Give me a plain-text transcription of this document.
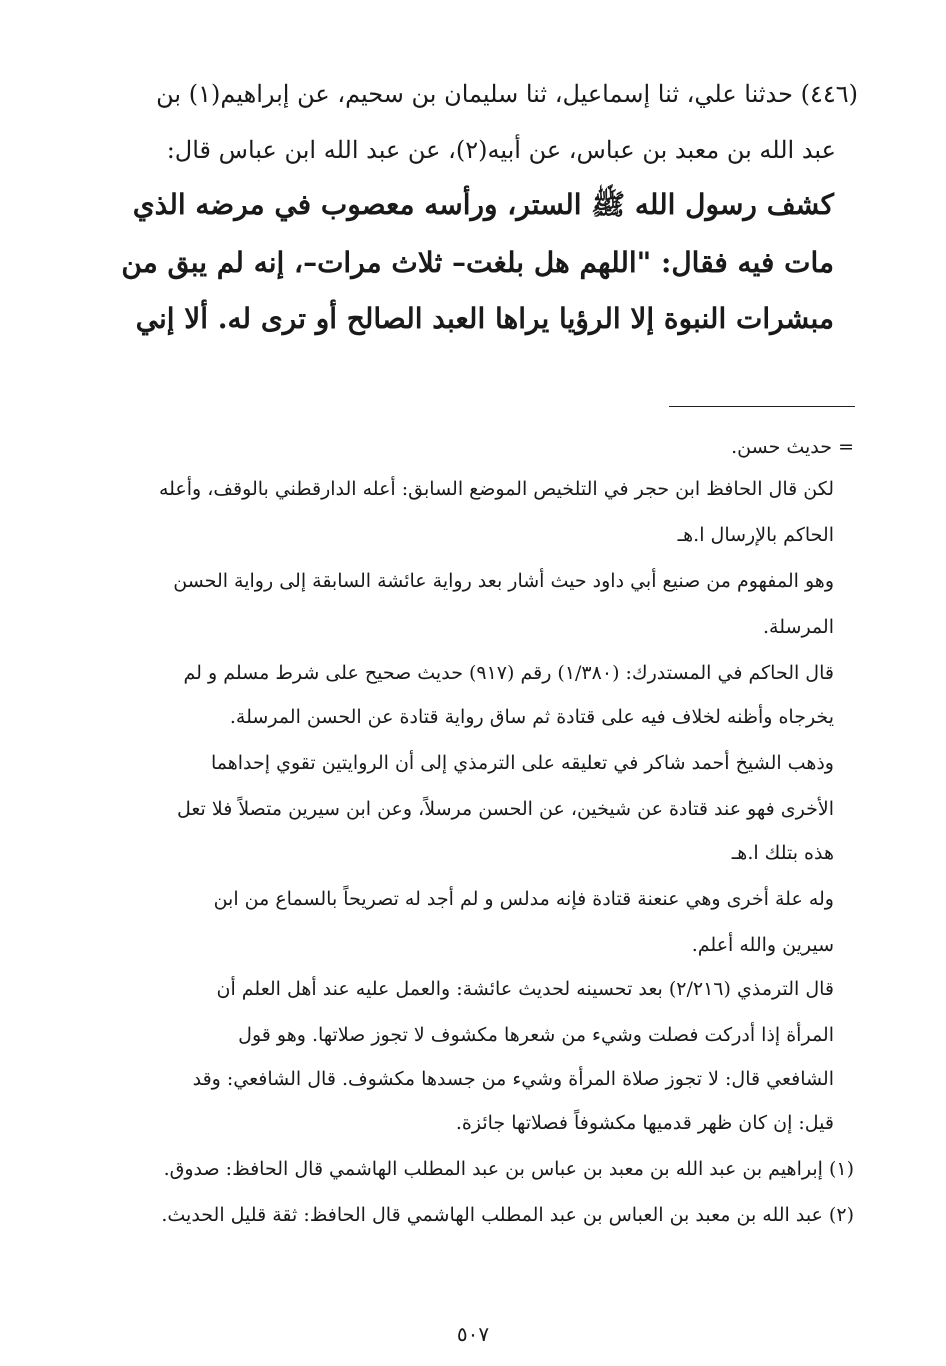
(٤٤٦) حدثنا علي، ثنا إسماعيل، ثنا سليمان بن سحيم، عن إبراهيم(١) بن
عبد الله بن معبد بن عباس، عن أبيه(٢)، عن عبد الله ابن عباس قال:
كشف رسول الله ﷺ الستر، ورأسه معصوب في مرضه الذي
مات فيه فقال: "اللهم هل بلغت– ثلاث مرات–، إنه لم يبق من
مبشرات النبوة إلا الرؤيا يراها العبد الصالح أو ترى له. ألا إني
= حديث حسن.
لكن قال الحافظ ابن حجر في التلخيص الموضع السابق: أعله الدارقطني بالوقف، وأعله
الحاكم بالإرسال ا.هـ
وهو المفهوم من صنيع أبي داود حيث أشار بعد رواية عائشة السابقة إلى رواية الحسن
المرسلة.
قال الحاكم في المستدرك: (١/٣٨٠) رقم (٩١٧) حديث صحيح على شرط مسلم و لم
يخرجاه وأظنه لخلاف فيه على قتادة ثم ساق رواية قتادة عن الحسن المرسلة.
وذهب الشيخ أحمد شاكر في تعليقه على الترمذي إلى أن الروايتين تقوي إحداهما
الأخرى فهو عند قتادة عن شيخين، عن الحسن مرسلاً، وعن ابن سيرين متصلاً فلا تعل
هذه بتلك ا.هـ
وله علة أخرى وهي عنعنة قتادة فإنه مدلس و لم أجد له تصريحاً بالسماع من ابن
سيرين والله أعلم.
قال الترمذي (٢/٢١٦) بعد تحسينه لحديث عائشة: والعمل عليه عند أهل العلم أن
المرأة إذا أدركت فصلت وشيء من شعرها مكشوف لا تجوز صلاتها. وهو قول
الشافعي قال: لا تجوز صلاة المرأة وشيء من جسدها مكشوف. قال الشافعي: وقد
قيل: إن كان ظهر قدميها مكشوفاً فصلاتها جائزة.
(١) إبراهيم بن عبد الله بن معبد بن عباس بن عبد المطلب الهاشمي قال الحافظ: صدوق.
(٢) عبد الله بن معبد بن العباس بن عبد المطلب الهاشمي قال الحافظ: ثقة قليل الحديث.
٥٠٧
